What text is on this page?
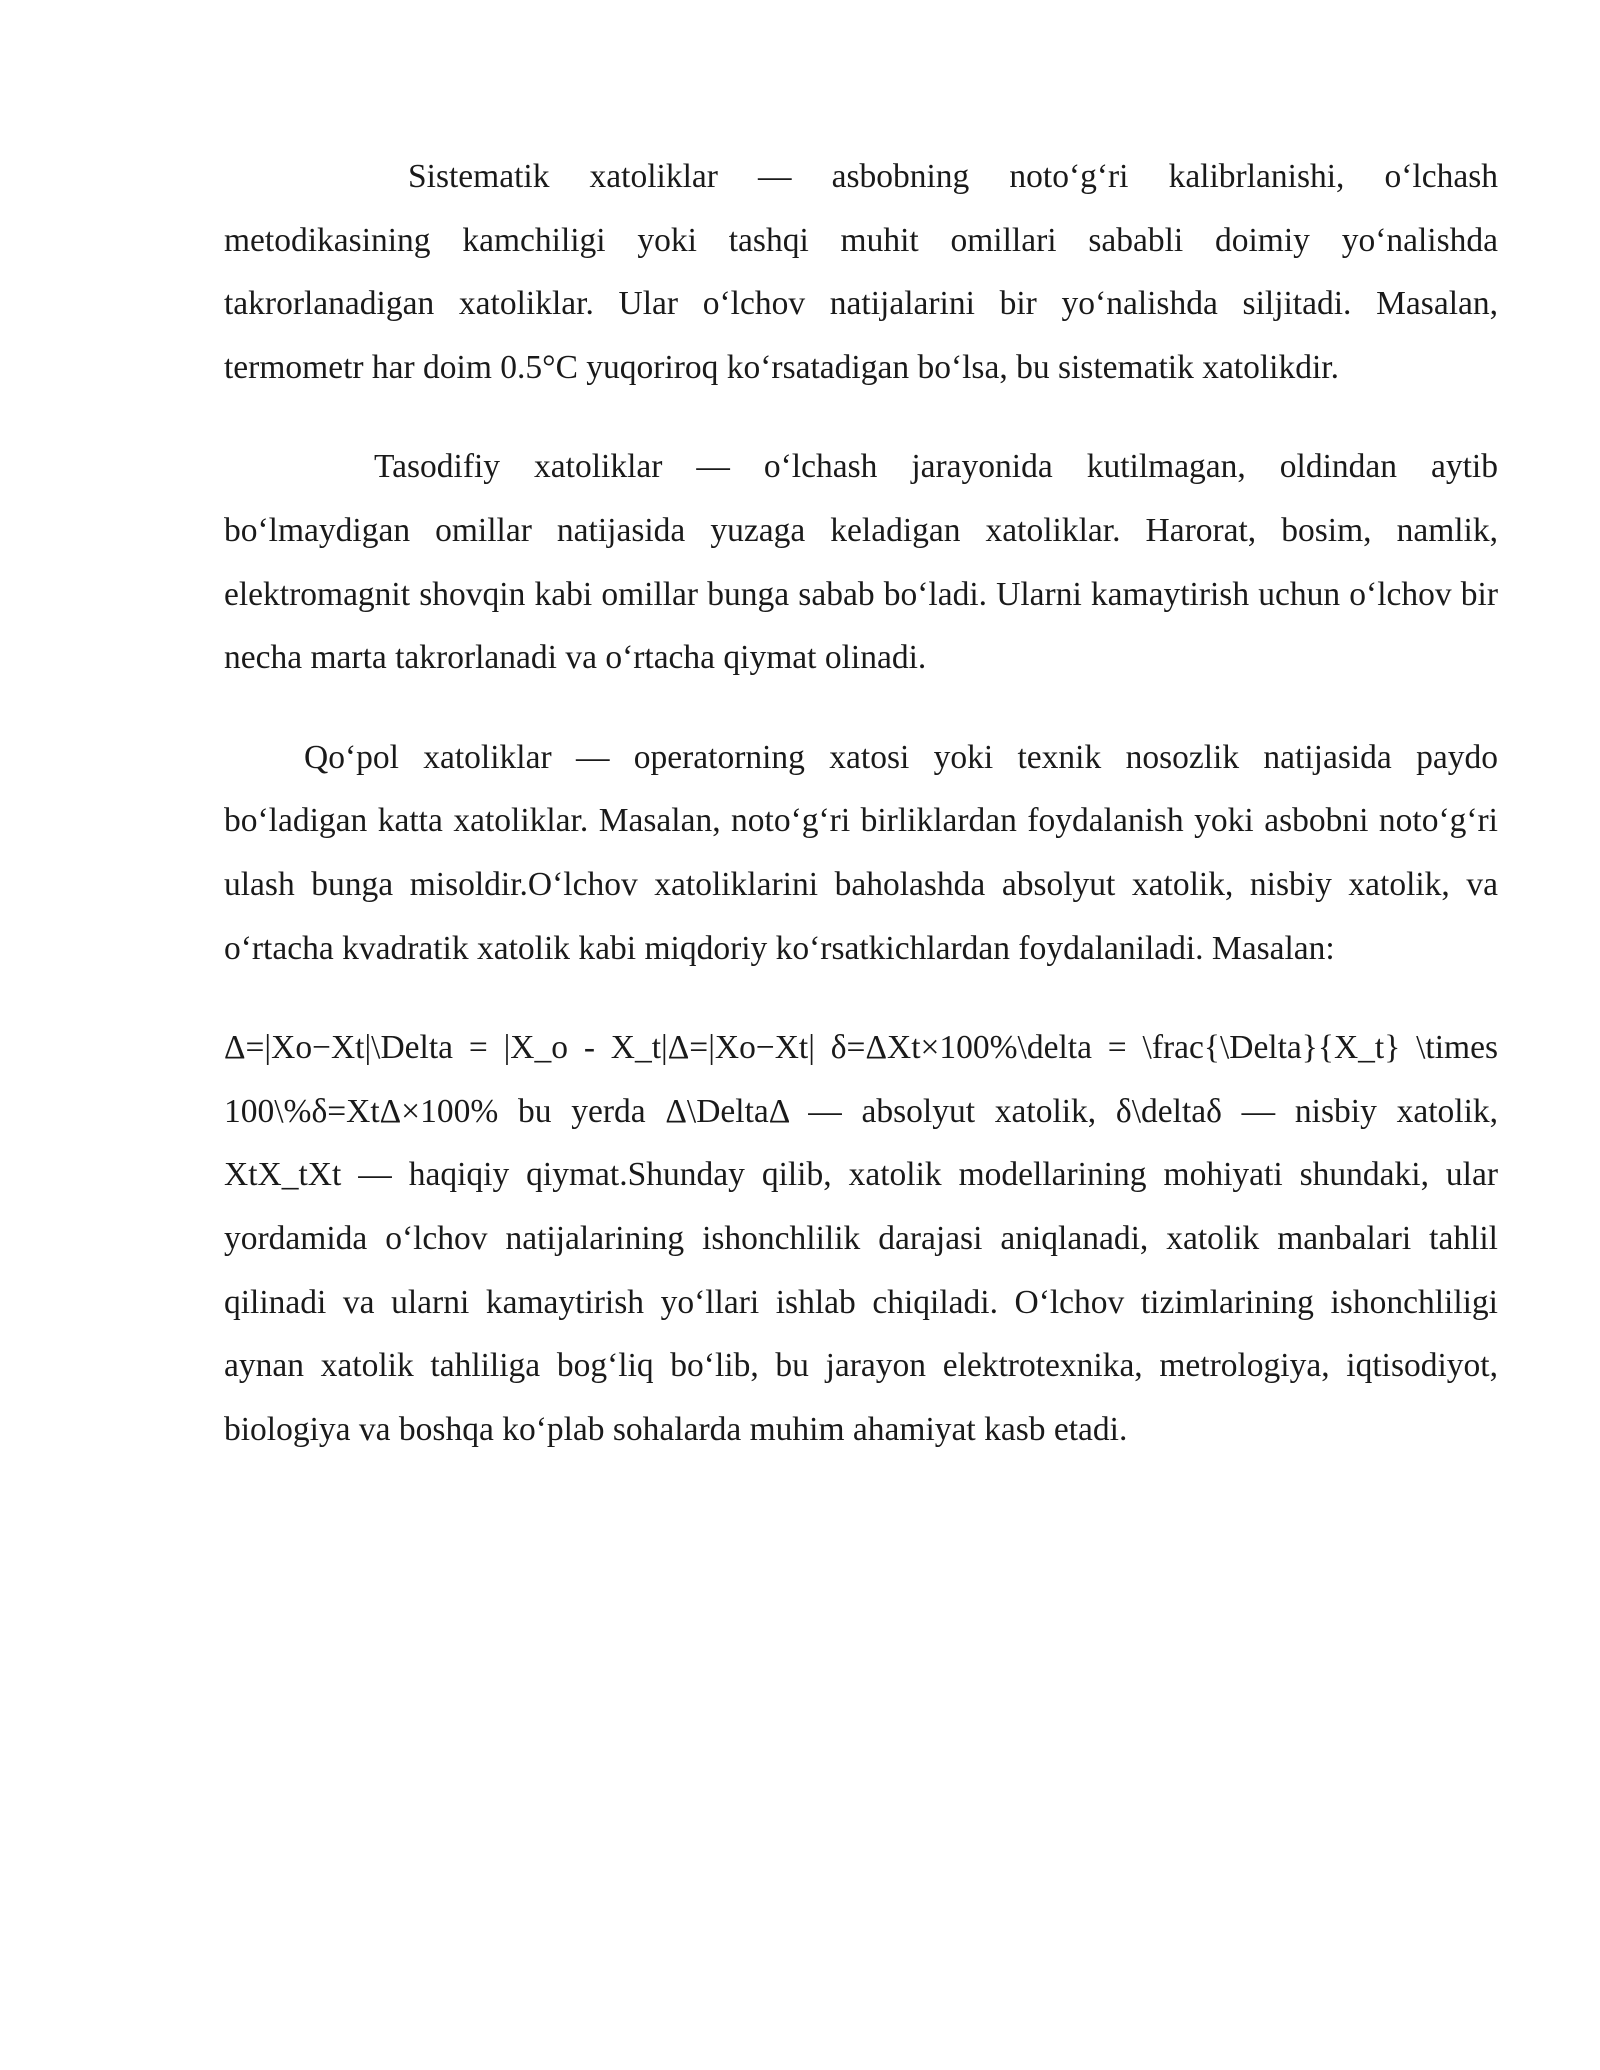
Sistematik xatoliklar — asbobning noto‘g‘ri kalibrlanishi, o‘lchash metodikasining kamchiligi yoki tashqi muhit omillari sababli doimiy yo‘nalishda takrorlanadigan xatoliklar. Ular o‘lchov natijalarini bir yo‘nalishda siljitadi. Masalan, termometr har doim 0.5°C yuqoriroq ko‘rsatadigan bo‘lsa, bu sistematik xatolikdir.

Tasodifiy xatoliklar — o‘lchash jarayonida kutilmagan, oldindan aytib bo‘lmaydigan omillar natijasida yuzaga keladigan xatoliklar. Harorat, bosim, namlik, elektromagnit shovqin kabi omillar bunga sabab bo‘ladi. Ularni kamaytirish uchun o‘lchov bir necha marta takrorlanadi va o‘rtacha qiymat olinadi.

Qo‘pol xatoliklar — operatorning xatosi yoki texnik nosozlik natijasida paydo bo‘ladigan katta xatoliklar. Masalan, noto‘g‘ri birliklardan foydalanish yoki asbobni noto‘g‘ri ulash bunga misoldir.O‘lchov xatoliklarini baholashda absolyut xatolik, nisbiy xatolik, va o‘rtacha kvadratik xatolik kabi miqdoriy ko‘rsatkichlardan foydalaniladi. Masalan:

Δ=|Xo−Xt|\Delta = |X_o - X_t|Δ=|Xo−Xt| δ=ΔXt×100%\delta = \frac{\Delta}{X_t} \times 100\%δ=XtΔ×100% bu yerda Δ\DeltaΔ — absolyut xatolik, δ\deltaδ — nisbiy xatolik, XtX_tXt — haqiqiy qiymat.Shunday qilib, xatolik modellarining mohiyati shundaki, ular yordamida o‘lchov natijalarining ishonchlilik darajasi aniqlanadi, xatolik manbalari tahlil qilinadi va ularni kamaytirish yo‘llari ishlab chiqiladi. O‘lchov tizimlarining ishonchliligi aynan xatolik tahliliga bog‘liq bo‘lib, bu jarayon elektrotexnika, metrologiya, iqtisodiyot, biologiya va boshqa ko‘plab sohalarda muhim ahamiyat kasb etadi.
